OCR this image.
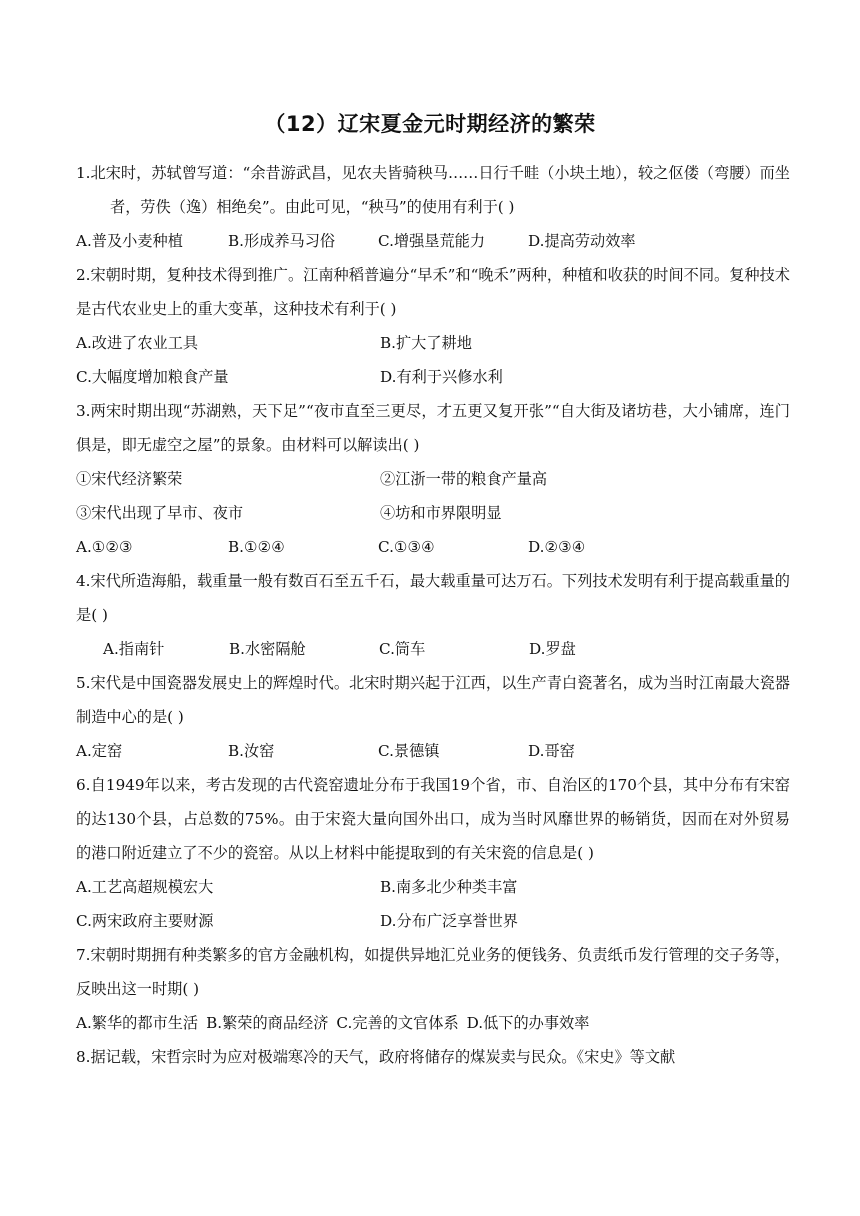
（12）辽宋夏金元时期经济的繁荣

1.北宋时，苏轼曾写道：“余昔游武昌，见农夫皆骑秧马……日行千畦（小块土地），较之伛偻（弯腰）而坐者，劳佚（逸）相绝矣”。由此可见，“秧马”的使用有利于( )

A.普及小麦种植	B.形成养马习俗	C.增强垦荒能力	D.提高劳动效率

2.宋朝时期，复种技术得到推广。江南种稻普遍分“早禾”和“晚禾”两种，种植和收获的时间不同。复种技术是古代农业史上的重大变革，这种技术有利于( )

A.改进了农业工具	B.扩大了耕地
C.大幅度增加粮食产量	D.有利于兴修水利

3.两宋时期出现“苏湖熟，天下足”“夜市直至三更尽，才五更又复开张”“自大街及诸坊巷，大小铺席，连门俱是，即无虚空之屋”的景象。由材料可以解读出( )

①宋代经济繁荣	②江浙一带的粮食产量高
③宋代出现了早市、夜市	④坊和市界限明显
A.①②③	B.①②④	C.①③④	D.②③④

4.宋代所造海船，载重量一般有数百石至五千石，最大载重量可达万石。下列技术发明有利于提高载重量的是( )

A.指南针	B.水密隔舱	C.筒车	D.罗盘

5.宋代是中国瓷器发展史上的辉煌时代。北宋时期兴起于江西，以生产青白瓷著名，成为当时江南最大瓷器制造中心的是( )

A.定窑	B.汝窑	C.景德镇	D.哥窑

6.自1949年以来，考古发现的古代瓷窑遗址分布于我国19个省，市、自治区的170个县，其中分布有宋窑的达130个县，占总数的75%。由于宋瓷大量向国外出口，成为当时风靡世界的畅销货，因而在对外贸易的港口附近建立了不少的瓷窑。从以上材料中能提取到的有关宋瓷的信息是( )

A.工艺高超规模宏大	B.南多北少种类丰富
C.两宋政府主要财源	D.分布广泛享誉世界

7.宋朝时期拥有种类繁多的官方金融机构，如提供异地汇兑业务的便钱务、负责纸币发行管理的交子务等，反映出这一时期( )

A.繁华的都市生活 B.繁荣的商品经济 C.完善的文官体系 D.低下的办事效率

8.据记载，宋哲宗时为应对极端寒冷的天气，政府将储存的煤炭卖与民众。《宋史》等文献
